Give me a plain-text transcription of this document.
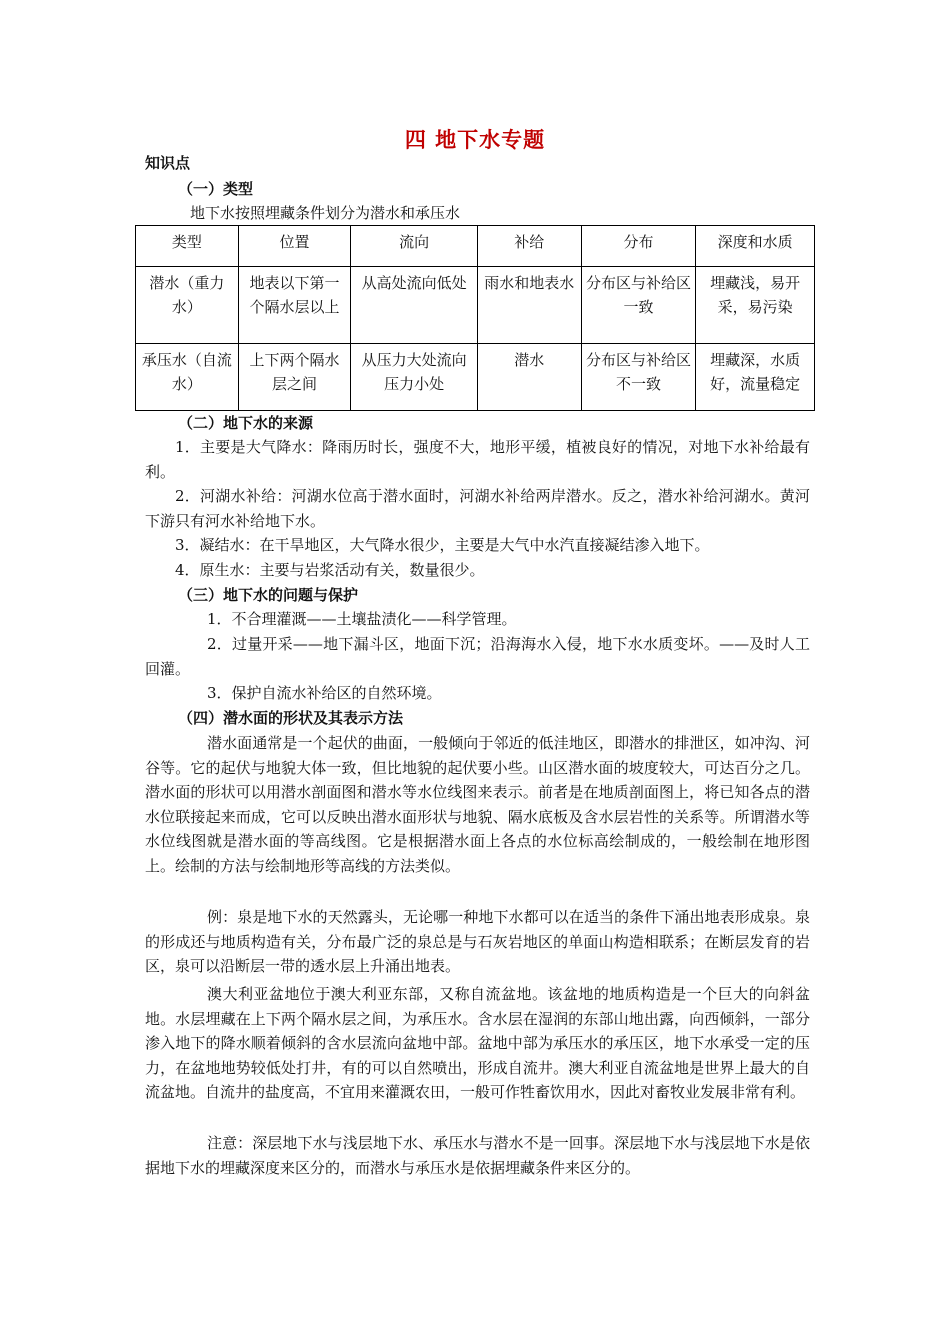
四 地下水专题
知识点
（一）类型
地下水按照埋藏条件划分为潜水和承压水
类型	位置	流向	补给	分布	深度和水质
潜水（重力水）	地表以下第一个隔水层以上	从高处流向低处	雨水和地表水	分布区与补给区一致	埋藏浅，易开采，易污染
承压水（自流水）	上下两个隔水层之间	从压力大处流向压力小处	潜水	分布区与补给区不一致	埋藏深，水质好，流量稳定
（二）地下水的来源
1．主要是大气降水：降雨历时长，强度不大，地形平缓，植被良好的情况，对地下水补给最有利。
2．河湖水补给：河湖水位高于潜水面时，河湖水补给两岸潜水。反之，潜水补给河湖水。黄河下游只有河水补给地下水。
3．凝结水：在干旱地区，大气降水很少，主要是大气中水汽直接凝结渗入地下。
4．原生水：主要与岩浆活动有关，数量很少。
（三）地下水的问题与保护
1．不合理灌溉——土壤盐渍化——科学管理。
2．过量开采——地下漏斗区，地面下沉；沿海海水入侵，地下水水质变坏。——及时人工回灌。
3．保护自流水补给区的自然环境。
（四）潜水面的形状及其表示方法
潜水面通常是一个起伏的曲面，一般倾向于邻近的低洼地区，即潜水的排泄区，如冲沟、河谷等。它的起伏与地貌大体一致，但比地貌的起伏要小些。山区潜水面的坡度较大，可达百分之几。潜水面的形状可以用潜水剖面图和潜水等水位线图来表示。前者是在地质剖面图上，将已知各点的潜水位联接起来而成，它可以反映出潜水面形状与地貌、隔水底板及含水层岩性的关系等。所谓潜水等水位线图就是潜水面的等高线图。它是根据潜水面上各点的水位标高绘制成的，一般绘制在地形图上。绘制的方法与绘制地形等高线的方法类似。
例：泉是地下水的天然露头，无论哪一种地下水都可以在适当的条件下涌出地表形成泉。泉的形成还与地质构造有关，分布最广泛的泉总是与石灰岩地区的单面山构造相联系；在断层发育的岩区，泉可以沿断层一带的透水层上升涌出地表。
澳大利亚盆地位于澳大利亚东部，又称自流盆地。该盆地的地质构造是一个巨大的向斜盆地。水层埋藏在上下两个隔水层之间，为承压水。含水层在湿润的东部山地出露，向西倾斜，一部分渗入地下的降水顺着倾斜的含水层流向盆地中部。盆地中部为承压水的承压区，地下水承受一定的压力，在盆地地势较低处打井，有的可以自然喷出，形成自流井。澳大利亚自流盆地是世界上最大的自流盆地。自流井的盐度高，不宜用来灌溉农田，一般可作牲畜饮用水，因此对畜牧业发展非常有利。
注意：深层地下水与浅层地下水、承压水与潜水不是一回事。深层地下水与浅层地下水是依据地下水的埋藏深度来区分的，而潜水与承压水是依据埋藏条件来区分的。
